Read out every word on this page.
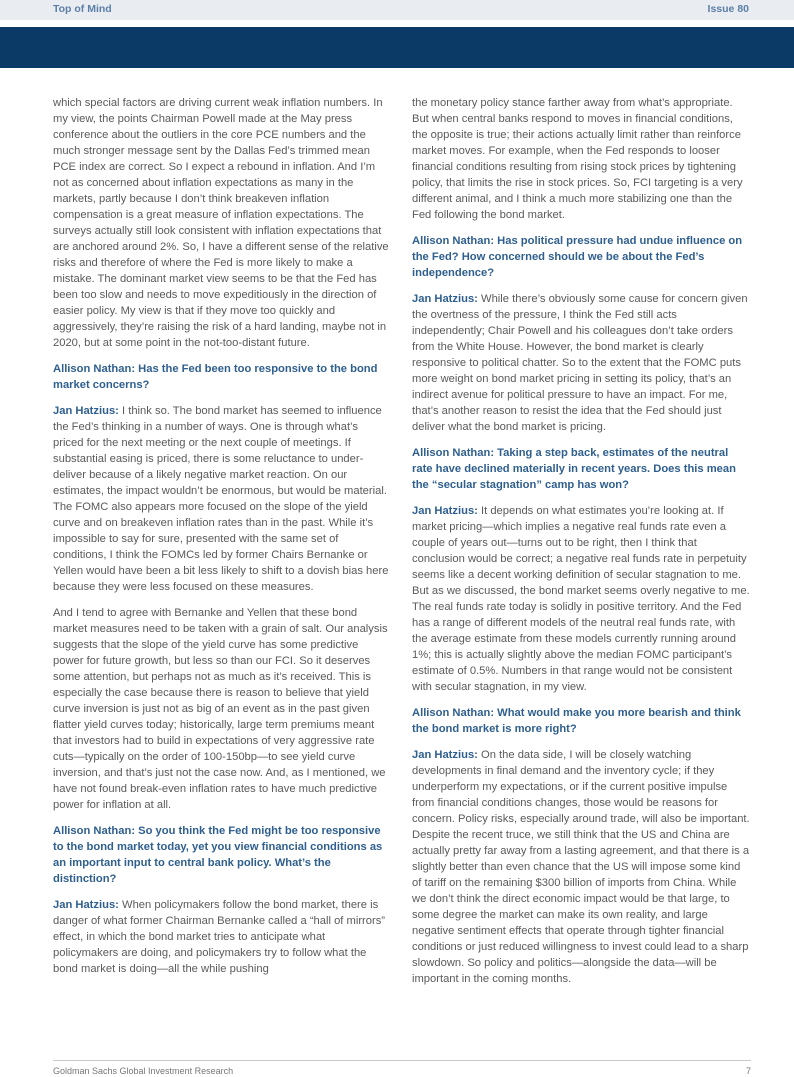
Top of Mind	Issue 80

which special factors are driving current weak inflation numbers. In my view, the points Chairman Powell made at the May press conference about the outliers in the core PCE numbers and the much stronger message sent by the Dallas Fed’s trimmed mean PCE index are correct. So I expect a rebound in inflation. And I’m not as concerned about inflation expectations as many in the markets, partly because I don’t think breakeven inflation compensation is a great measure of inflation expectations. The surveys actually still look consistent with inflation expectations that are anchored around 2%. So, I have a different sense of the relative risks and therefore of where the Fed is more likely to make a mistake. The dominant market view seems to be that the Fed has been too slow and needs to move expeditiously in the direction of easier policy. My view is that if they move too quickly and aggressively, they’re raising the risk of a hard landing, maybe not in 2020, but at some point in the not-too-distant future.

Allison Nathan: Has the Fed been too responsive to the bond market concerns?

Jan Hatzius: I think so. The bond market has seemed to influence the Fed’s thinking in a number of ways. One is through what’s priced for the next meeting or the next couple of meetings. If substantial easing is priced, there is some reluctance to under-deliver because of a likely negative market reaction. On our estimates, the impact wouldn’t be enormous, but would be material. The FOMC also appears more focused on the slope of the yield curve and on breakeven inflation rates than in the past. While it’s impossible to say for sure, presented with the same set of conditions, I think the FOMCs led by former Chairs Bernanke or Yellen would have been a bit less likely to shift to a dovish bias here because they were less focused on these measures.

And I tend to agree with Bernanke and Yellen that these bond market measures need to be taken with a grain of salt. Our analysis suggests that the slope of the yield curve has some predictive power for future growth, but less so than our FCI. So it deserves some attention, but perhaps not as much as it’s received. This is especially the case because there is reason to believe that yield curve inversion is just not as big of an event as in the past given flatter yield curves today; historically, large term premiums meant that investors had to build in expectations of very aggressive rate cuts—typically on the order of 100-150bp—to see yield curve inversion, and that’s just not the case now. And, as I mentioned, we have not found break-even inflation rates to have much predictive power for inflation at all.

Allison Nathan: So you think the Fed might be too responsive to the bond market today, yet you view financial conditions as an important input to central bank policy. What’s the distinction?

Jan Hatzius: When policymakers follow the bond market, there is danger of what former Chairman Bernanke called a “hall of mirrors” effect, in which the bond market tries to anticipate what policymakers are doing, and policymakers try to follow what the bond market is doing—all the while pushing

the monetary policy stance farther away from what’s appropriate. But when central banks respond to moves in financial conditions, the opposite is true; their actions actually limit rather than reinforce market moves. For example, when the Fed responds to looser financial conditions resulting from rising stock prices by tightening policy, that limits the rise in stock prices. So, FCI targeting is a very different animal, and I think a much more stabilizing one than the Fed following the bond market.

Allison Nathan: Has political pressure had undue influence on the Fed? How concerned should we be about the Fed’s independence?

Jan Hatzius: While there’s obviously some cause for concern given the overtness of the pressure, I think the Fed still acts independently; Chair Powell and his colleagues don’t take orders from the White House. However, the bond market is clearly responsive to political chatter. So to the extent that the FOMC puts more weight on bond market pricing in setting its policy, that’s an indirect avenue for political pressure to have an impact. For me, that’s another reason to resist the idea that the Fed should just deliver what the bond market is pricing.

Allison Nathan: Taking a step back, estimates of the neutral rate have declined materially in recent years. Does this mean the “secular stagnation” camp has won?

Jan Hatzius: It depends on what estimates you’re looking at. If market pricing—which implies a negative real funds rate even a couple of years out—turns out to be right, then I think that conclusion would be correct; a negative real funds rate in perpetuity seems like a decent working definition of secular stagnation to me. But as we discussed, the bond market seems overly negative to me. The real funds rate today is solidly in positive territory. And the Fed has a range of different models of the neutral real funds rate, with the average estimate from these models currently running around 1%; this is actually slightly above the median FOMC participant’s estimate of 0.5%. Numbers in that range would not be consistent with secular stagnation, in my view.

Allison Nathan: What would make you more bearish and think the bond market is more right?

Jan Hatzius: On the data side, I will be closely watching developments in final demand and the inventory cycle; if they underperform my expectations, or if the current positive impulse from financial conditions changes, those would be reasons for concern. Policy risks, especially around trade, will also be important. Despite the recent truce, we still think that the US and China are actually pretty far away from a lasting agreement, and that there is a slightly better than even chance that the US will impose some kind of tariff on the remaining $300 billion of imports from China. While we don’t think the direct economic impact would be that large, to some degree the market can make its own reality, and large negative sentiment effects that operate through tighter financial conditions or just reduced willingness to invest could lead to a sharp slowdown. So policy and politics—alongside the data—will be important in the coming months.

Goldman Sachs Global Investment Research	7
